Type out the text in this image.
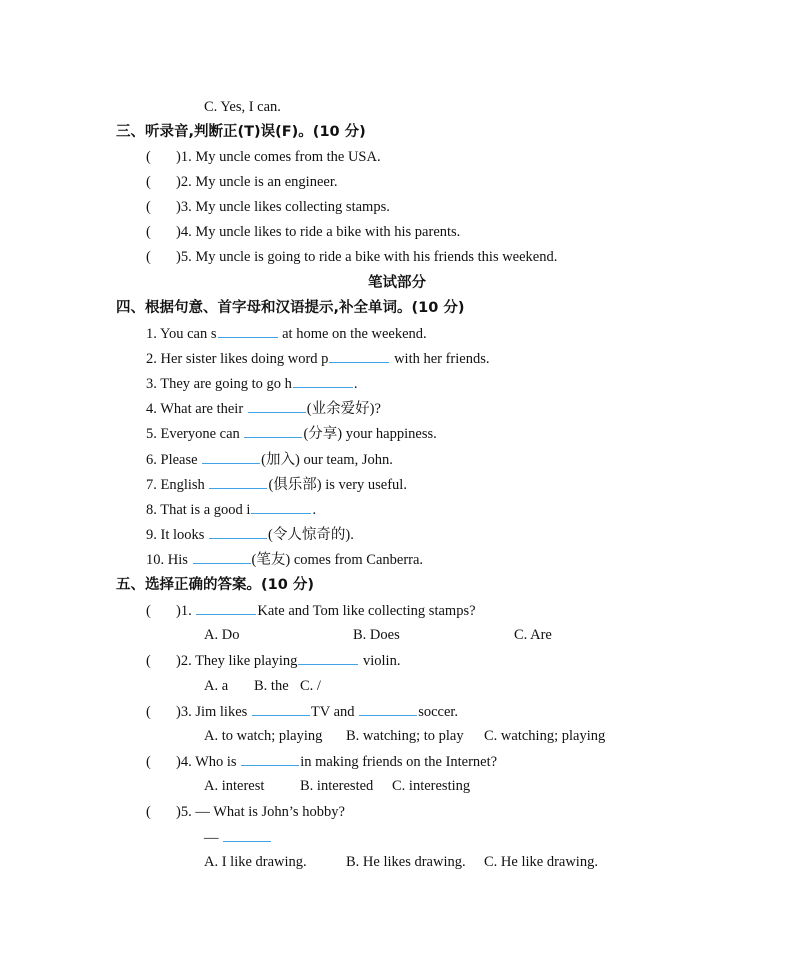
C. Yes, I can.
三、听录音,判断正(T)误(F)。(10 分)
( )1. My uncle comes from the USA.
( )2. My uncle is an engineer.
( )3. My uncle likes collecting stamps.
( )4. My uncle likes to ride a bike with his parents.
( )5. My uncle is going to ride a bike with his friends this weekend.
笔试部分
四、根据句意、首字母和汉语提示,补全单词。(10 分)
1. You can s	at home on the weekend.
2. Her sister likes doing word p	with her friends.
3. They are going to go h	.
4. What are their	(业余爱好)?
5. Everyone can	(分享) your happiness.
6. Please	(加入) our team, John.
7. English	(俱乐部) is very useful.
8. That is a good i	.
9. It looks	(令人惊奇的).
10. His	(笔友) comes from Canberra.
五、选择正确的答案。(10 分)
( )1.	Kate and Tom like collecting stamps?
A. Do	B. Does	C. Are
( )2. They like playing	violin.
A. a B. the C. /
( )3. Jim likes	TV and	soccer.
A. to watch; playing B. watching; to play C. watching; playing
( )4. Who is	in making friends on the Internet?
A. interest B. interested C. interesting
( )5. — What is John’s hobby?
—
A. I like drawing.	B. He likes drawing. C. He like drawing.
